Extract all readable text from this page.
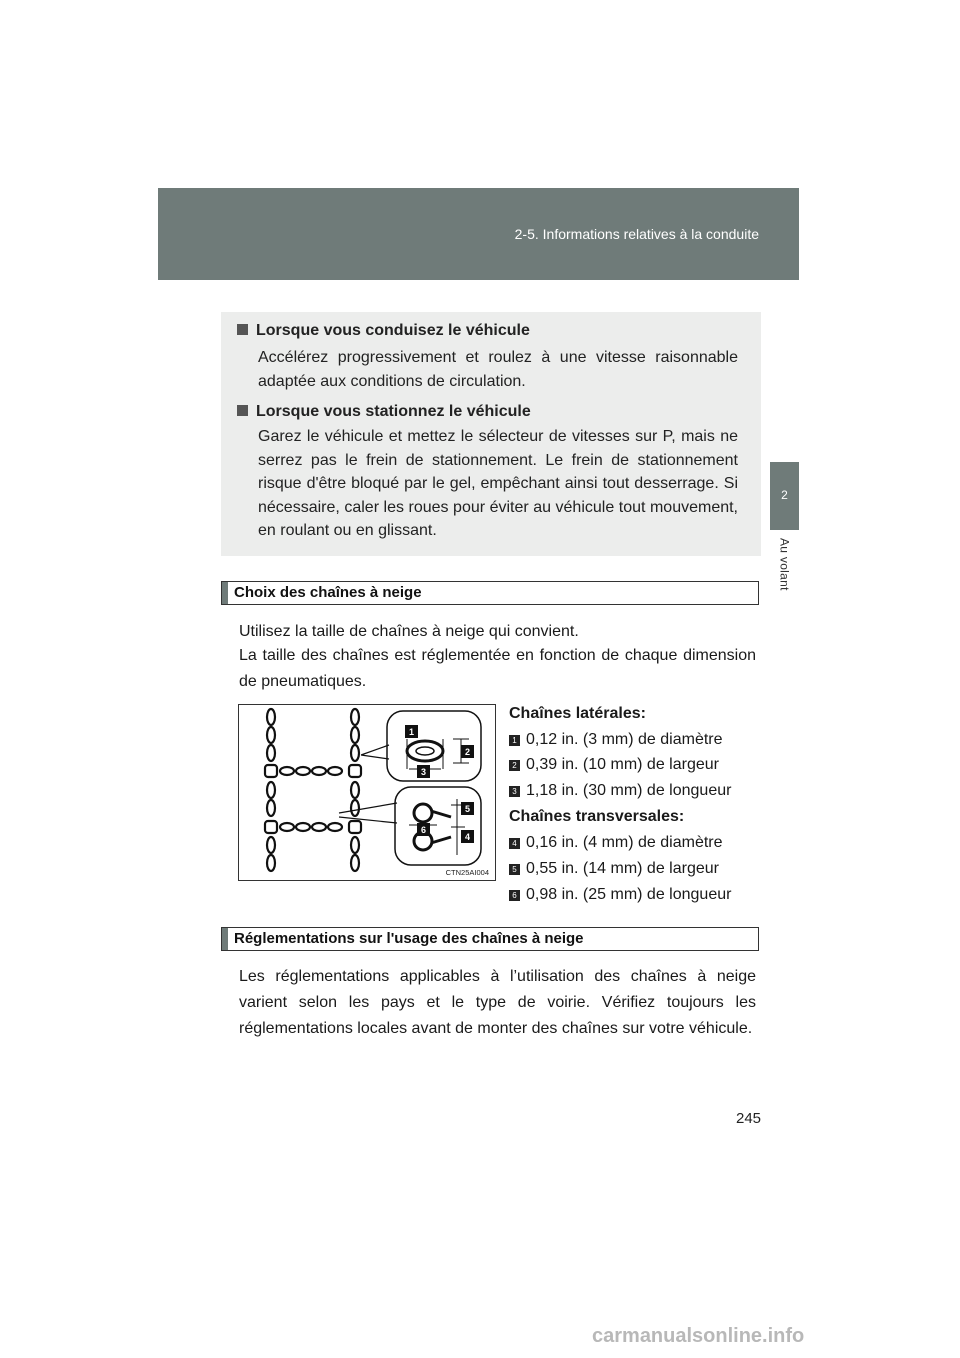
2-5. Informations relatives à la conduite
2
Au volant
Lorsque vous conduisez le véhicule
Accélérez progressivement et roulez à une vitesse raisonnable adaptée aux conditions de circulation.
Lorsque vous stationnez le véhicule
Garez le véhicule et mettez le sélecteur de vitesses sur P, mais ne serrez pas le frein de stationnement. Le frein de stationnement risque d'être bloqué par le gel, empêchant ainsi tout desserrage. Si nécessaire, caler les roues pour éviter au véhicule tout mouvement, en roulant ou en glissant.
Choix des chaînes à neige
Utilisez la taille de chaînes à neige qui convient.
La taille des chaînes est réglementée en fonction de chaque dimension de pneumatiques.
1
2
3
4
5
6
CTN25AI004
Chaînes latérales:
1 0,12 in. (3 mm) de diamètre
2 0,39 in. (10 mm) de largeur
3 1,18 in. (30 mm) de longueur
Chaînes transversales:
4 0,16 in. (4 mm) de diamètre
5 0,55 in. (14 mm) de largeur
6 0,98 in. (25 mm) de longueur
Réglementations sur l'usage des chaînes à neige
Les réglementations applicables à l’utilisation des chaînes à neige varient selon les pays et le type de voirie. Vérifiez toujours les réglementations locales avant de monter des chaînes sur votre véhicule.
245
carmanualsonline.info
